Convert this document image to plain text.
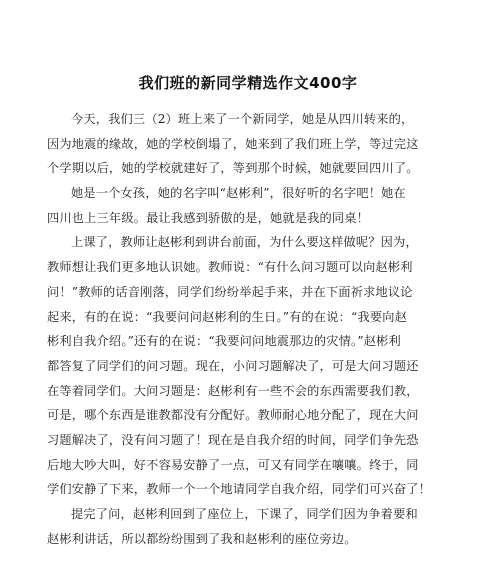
我们班的新同学精选作文400字
今天，我们三（2）班上来了一个新同学，她是从四川转来的，
因为地震的缘故，她的学校倒塌了，她来到了我们班上学，等过完这
个学期以后，她的学校就建好了，等到那个时候，她就要回四川了。
她是一个女孩，她的名字叫“赵彬利”，很好听的名字吧！她在
四川也上三年级。最让我感到骄傲的是，她就是我的同桌！
上课了，教师让赵彬利到讲台前面，为什么要这样做呢？因为，
教师想让我们更多地认识她。教师说：“有什么问习题可以向赵彬利
问！”教师的话音刚落，同学们纷纷举起手来，并在下面祈求地议论
起来，有的在说：“我要问问赵彬利的生日。”有的在说：“我要向赵
彬利自我介绍。”还有的在说：“我要问问地震那边的灾情。”赵彬利
都答复了同学们的问习题。现在，小问习题解决了，可是大问习题还
在等着同学们。大问习题是：赵彬利有一些不会的东西需要我们教，
可是，哪个东西是谁教都没有分配好。教师耐心地分配了，现在大问
习题解决了，没有问习题了！现在是自我介绍的时间，同学们争先恐
后地大吵大叫，好不容易安静了一点，可又有同学在嚷嚷。终于，同
学们安静了下来，教师一个一个地请同学自我介绍，同学们可兴奋了！
提完了问，赵彬利回到了座位上，下课了，同学们因为争着要和
赵彬利讲话，所以都纷纷围到了我和赵彬利的座位旁边。
